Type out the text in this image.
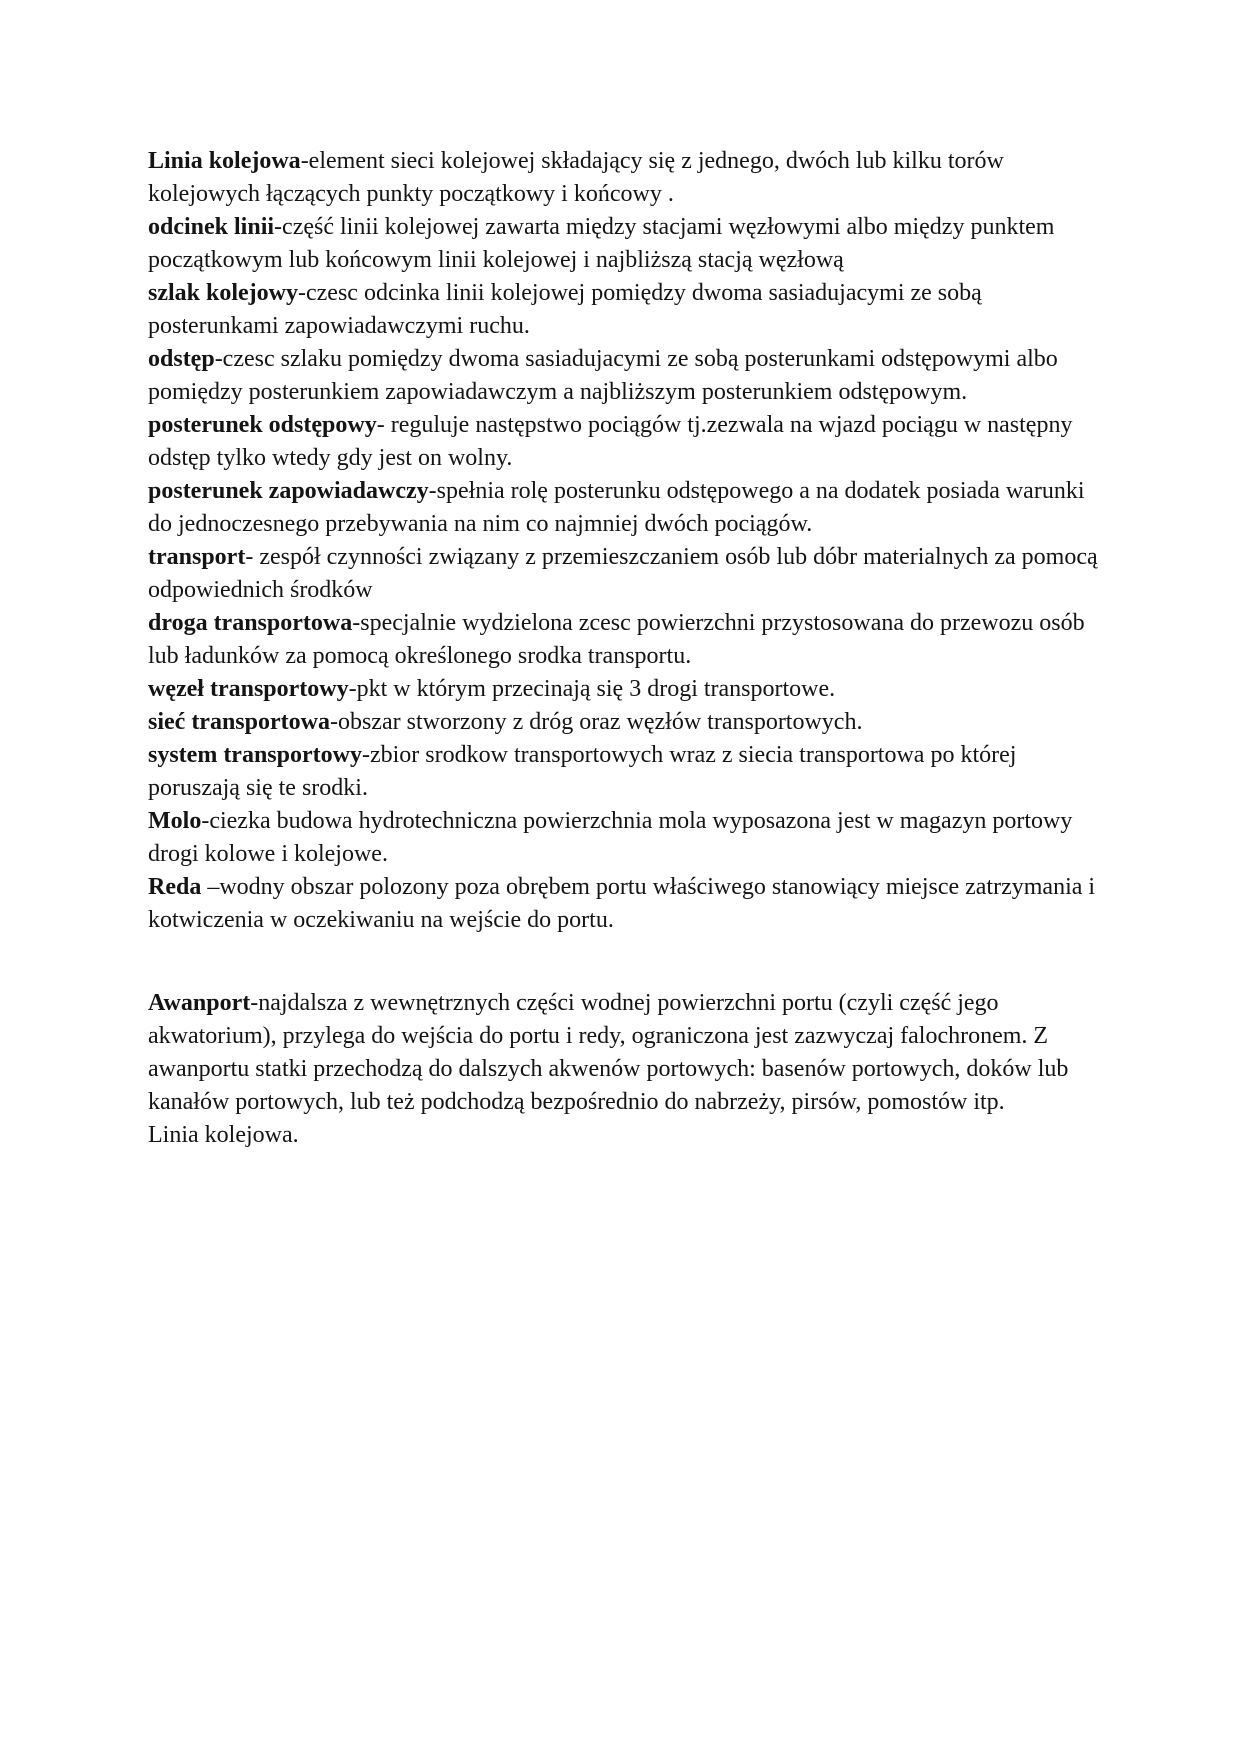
Linia kolejowa-element sieci kolejowej składający się z jednego, dwóch lub kilku torów kolejowych łączących punkty początkowy i końcowy .

odcinek linii-część linii kolejowej zawarta między stacjami węzłowymi albo między punktem początkowym lub końcowym linii kolejowej i najbliższą stacją węzłową

szlak kolejowy-czesc odcinka linii kolejowej pomiędzy dwoma sasiadujacymi ze sobą posterunkami zapowiadawczymi ruchu.

odstęp-czesc szlaku pomiędzy dwoma sasiadujacymi ze sobą posterunkami odstępowymi albo pomiędzy posterunkiem zapowiadawczym a najbliższym posterunkiem odstępowym.

posterunek odstępowy- reguluje następstwo pociągów tj.zezwala na wjazd pociągu w następny odstęp tylko wtedy gdy jest on wolny.

posterunek zapowiadawczy-spełnia rolę posterunku odstępowego a na dodatek posiada warunki do jednoczesnego przebywania na nim co najmniej dwóch pociągów.

transport- zespół czynności związany z przemieszczaniem osób lub dóbr materialnych za pomocą odpowiednich środków

droga transportowa-specjalnie wydzielona zcesc powierzchni przystosowana do przewozu osób lub ładunków za pomocą określonego srodka transportu.

węzeł transportowy-pkt w którym przecinają się 3 drogi transportowe.

sieć transportowa-obszar stworzony z dróg oraz węzłów transportowych.

system transportowy-zbior srodkow transportowych wraz z siecia transportowa po której poruszają się te srodki.

Molo-ciezka budowa hydrotechniczna powierzchnia mola wyposazona jest w magazyn portowy drogi kolowe i kolejowe.

Reda –wodny obszar polozony poza obrębem portu właściwego stanowiący miejsce zatrzymania i kotwiczenia w oczekiwaniu na wejście do portu.

Awanport-najdalsza z wewnętrznych części wodnej powierzchni portu (czyli część jego akwatorium), przylega do wejścia do portu i redy, ograniczona jest zazwyczaj falochronem. Z awanportu statki przechodzą do dalszych akwenów portowych: basenów portowych, doków lub kanałów portowych, lub też podchodzą bezpośrednio do nabrzeży, pirsów, pomostów itp.

Linia kolejowa.
